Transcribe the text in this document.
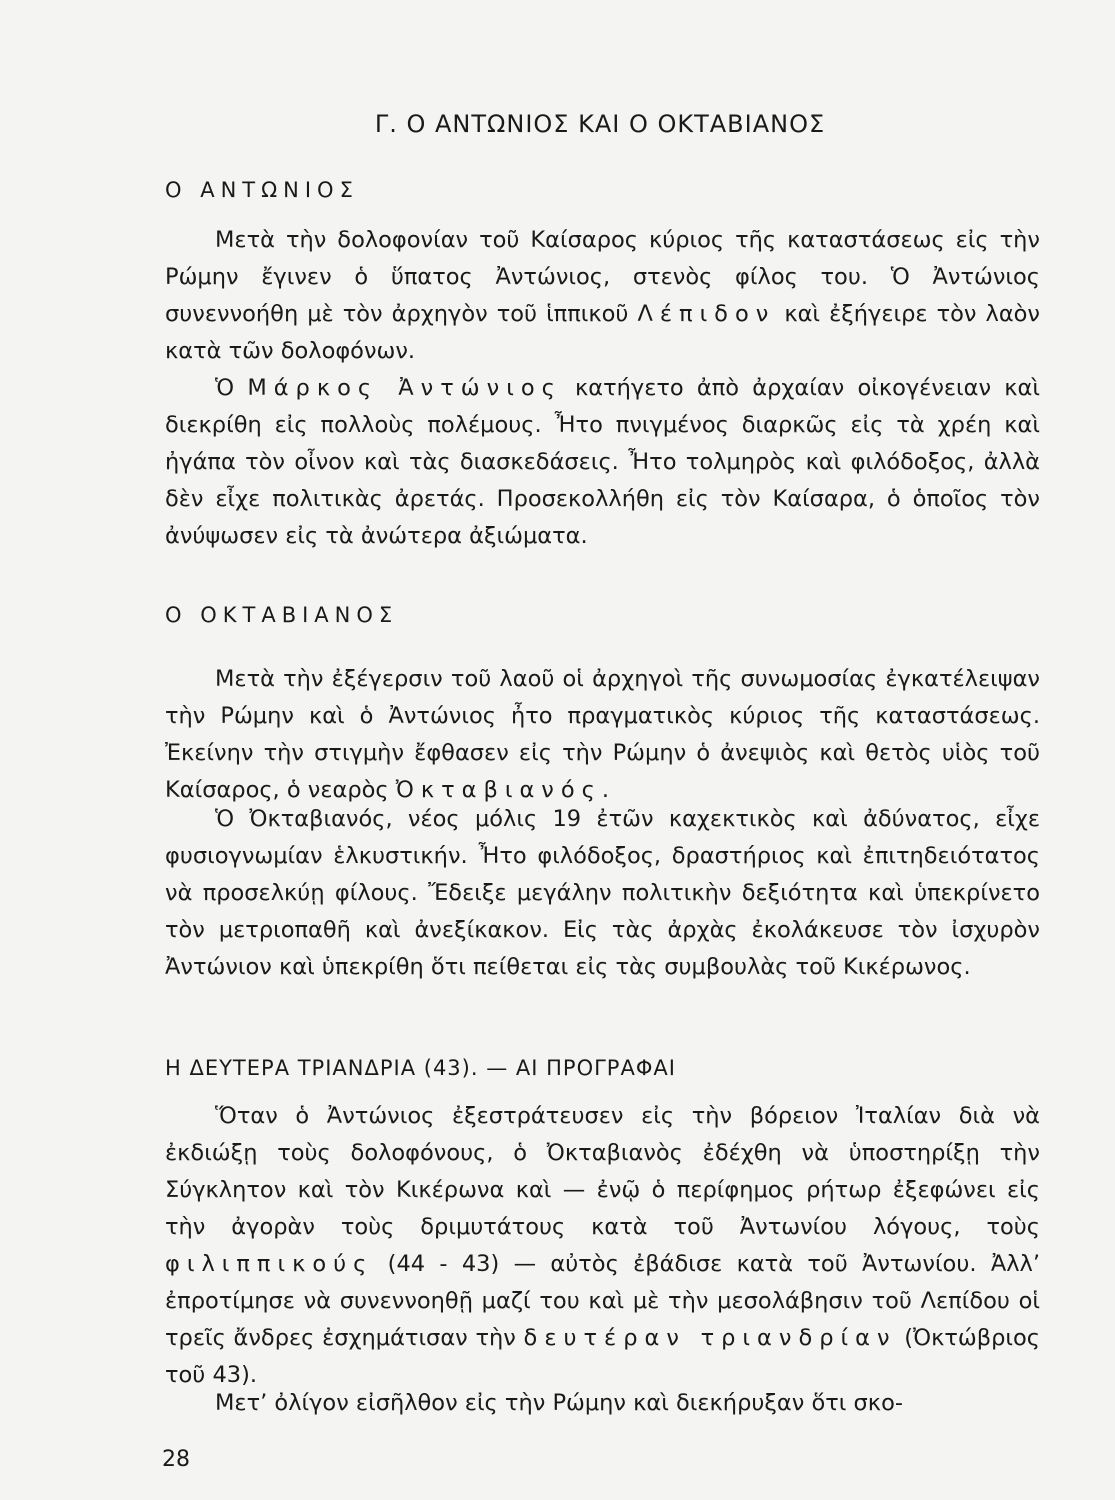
Γ. Ο ΑΝΤΩΝΙΟΣ ΚΑΙ Ο ΟΚΤΑΒΙΑΝΟΣ
Ο ΑΝΤΩΝΙΟΣ

Μετὰ τὴν δολοφονίαν τοῦ Καίσαρος κύριος τῆς καταστάσεως εἰς τὴν Ρώμην ἔγινεν ὁ ὕπατος Ἀντώνιος, στενὸς φίλος του. Ὁ Ἀντώνιος συνεννοήθη μὲ τὸν ἀρχηγὸν τοῦ ἱππικοῦ Λέπιδον καὶ ἐξήγειρε τὸν λαὸν κατὰ τῶν δολοφόνων.

Ὁ Μάρκος Ἀντώνιος κατήγετο ἀπὸ ἀρχαίαν οἰκογένειαν καὶ διεκρίθη εἰς πολλοὺς πολέμους. Ἦτο πνιγμένος διαρκῶς εἰς τὰ χρέη καὶ ἠγάπα τὸν οἶνον καὶ τὰς διασκεδάσεις. Ἦτο τολμηρὸς καὶ φιλόδοξος, ἀλλὰ δὲν εἶχε πολιτικὰς ἀρετάς. Προσεκολλήθη εἰς τὸν Καίσαρα, ὁ ὁποῖος τὸν ἀνύψωσεν εἰς τὰ ἀνώτερα ἀξιώματα.

Ο ΟΚΤΑΒΙΑΝΟΣ

Μετὰ τὴν ἐξέγερσιν τοῦ λαοῦ οἱ ἀρχηγοὶ τῆς συνωμοσίας ἐγκατέλειψαν τὴν Ρώμην καὶ ὁ Ἀντώνιος ἦτο πραγματικὸς κύριος τῆς καταστάσεως. Ἐκείνην τὴν στιγμὴν ἔφθασεν εἰς τὴν Ρώμην ὁ ἀνεψιὸς καὶ θετὸς υἱὸς τοῦ Καίσαρος, ὁ νεαρὸς Ὀκταβιανός.

Ὁ Ὀκταβιανός, νέος μόλις 19 ἐτῶν καχεκτικὸς καὶ ἀδύνατος, εἶχε φυσιογνωμίαν ἑλκυστικήν. Ἦτο φιλόδοξος, δραστήριος καὶ ἐπιτηδειότατος νὰ προσελκύῃ φίλους. Ἔδειξε μεγάλην πολιτικὴν δεξιότητα καὶ ὑπεκρίνετο τὸν μετριοπαθῆ καὶ ἀνεξίκακον. Εἰς τὰς ἀρχὰς ἐκολάκευσε τὸν ἰσχυρὸν Ἀντώνιον καὶ ὑπεκρίθη ὅτι πείθεται εἰς τὰς συμβουλὰς τοῦ Κικέρωνος.

Η ΔΕΥΤΕΡΑ ΤΡΙΑΝΔΡΙΑ (43). — ΑΙ ΠΡΟΓΡΑΦΑΙ

Ὅταν ὁ Ἀντώνιος ἐξεστράτευσεν εἰς τὴν βόρειον Ἰταλίαν διὰ νὰ ἐκδιώξῃ τοὺς δολοφόνους, ὁ Ὀκταβιανὸς ἐδέχθη νὰ ὑποστηρίξῃ τὴν Σύγκλητον καὶ τὸν Κικέρωνα καὶ — ἐνῷ ὁ περίφημος ρήτωρ ἐξεφώνει εἰς τὴν ἀγορὰν τοὺς δριμυτάτους κατὰ τοῦ Ἀντωνίου λόγους, τοὺς φιλιππικούς (44 - 43) — αὐτὸς ἐβάδισε κατὰ τοῦ Ἀντωνίου. Ἀλλ’ ἐπροτίμησε νὰ συνεννοηθῇ μαζί του καὶ μὲ τὴν μεσολάβησιν τοῦ Λεπίδου οἱ τρεῖς ἄνδρες ἐσχημάτισαν τὴν δευτέραν τριανδρίαν (Ὀκτώβριος τοῦ 43).

Μετ’ ὀλίγον εἰσῆλθον εἰς τὴν Ρώμην καὶ διεκήρυξαν ὅτι σκο-

28
